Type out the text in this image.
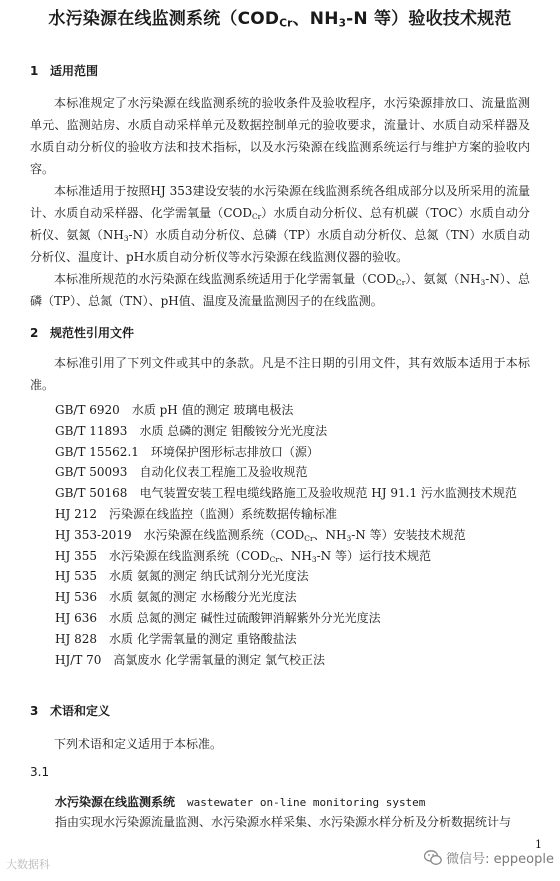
水污染源在线监测系统（$COD_{Cr}$、$NH_3-N$ 等）验收技术规范
1 适用范围
本标准规定了水污染源在线监测系统的验收条件及验收程序，水污染源排放口、流量监测单元、监测站房、水质自动采样单元及数据控制单元的验收要求，流量计、水质自动采样器及水质自动分析仪的验收方法和技术指标，以及水污染源在线监测系统运行与维护方案的验收内容。
本标准适用于按照HJ 353建设安装的水污染源在线监测系统各组成部分以及所采用的流量计、水质自动采样器、化学需氧量$(COD_{Cr})$水质自动分析仪、总有机碳（TOC）水质自动分析仪、氨氮$(NH_3-N)$水质自动分析仪、总磷（TP）水质自动分析仪、总氮（TN）水质自动分析仪、温度计、pH水质自动分析仪等水污染源在线监测仪器的验收。
本标准所规范的水污染源在线监测系统适用于化学需氧量$(COD_{Cr})$、氨氮$(NH_3-N)$、总磷（TP）、总氮（TN）、pH值、温度及流量监测因子的在线监测。
2 规范性引用文件
本标准引用了下列文件或其中的条款。凡是不注日期的引用文件，其有效版本适用于本标准。
GB/T 6920 水质 pH 值的测定 玻璃电极法
GB/T 11893 水质 总磷的测定 钼酸铵分光光度法
GB/T 15562.1 环境保护图形标志排放口（源）
GB/T 50093 自动化仪表工程施工及验收规范
GB/T 50168 电气装置安装工程电缆线路施工及验收规范 HJ 91.1 污水监测技术规范
HJ 212 污染源在线监控（监测）系统数据传输标准
HJ 353-2019 水污染源在线监测系统（$COD_{Cr}$、$NH_3-N$ 等）安装技术规范
HJ 355 水污染源在线监测系统（$COD_{Cr}$、$NH_3-N$ 等）运行技术规范
HJ 535 水质 氨氮的测定 纳氏试剂分光光度法
HJ 536 水质 氨氮的测定 水杨酸分光光度法
HJ 636 水质 总氮的测定 碱性过硫酸钾消解紫外分光光度法
HJ 828 水质 化学需氧量的测定 重铬酸盐法
HJ/T 70 高氯废水 化学需氧量的测定 氯气校正法
3 术语和定义
下列术语和定义适用于本标准。
3.1
水污染源在线监测系统 wastewater on-line monitoring system
指由实现水污染源流量监测、水污染源水样采集、水污染源水样分析及分析数据统计与
1
大数据科	微信号: eppeople
